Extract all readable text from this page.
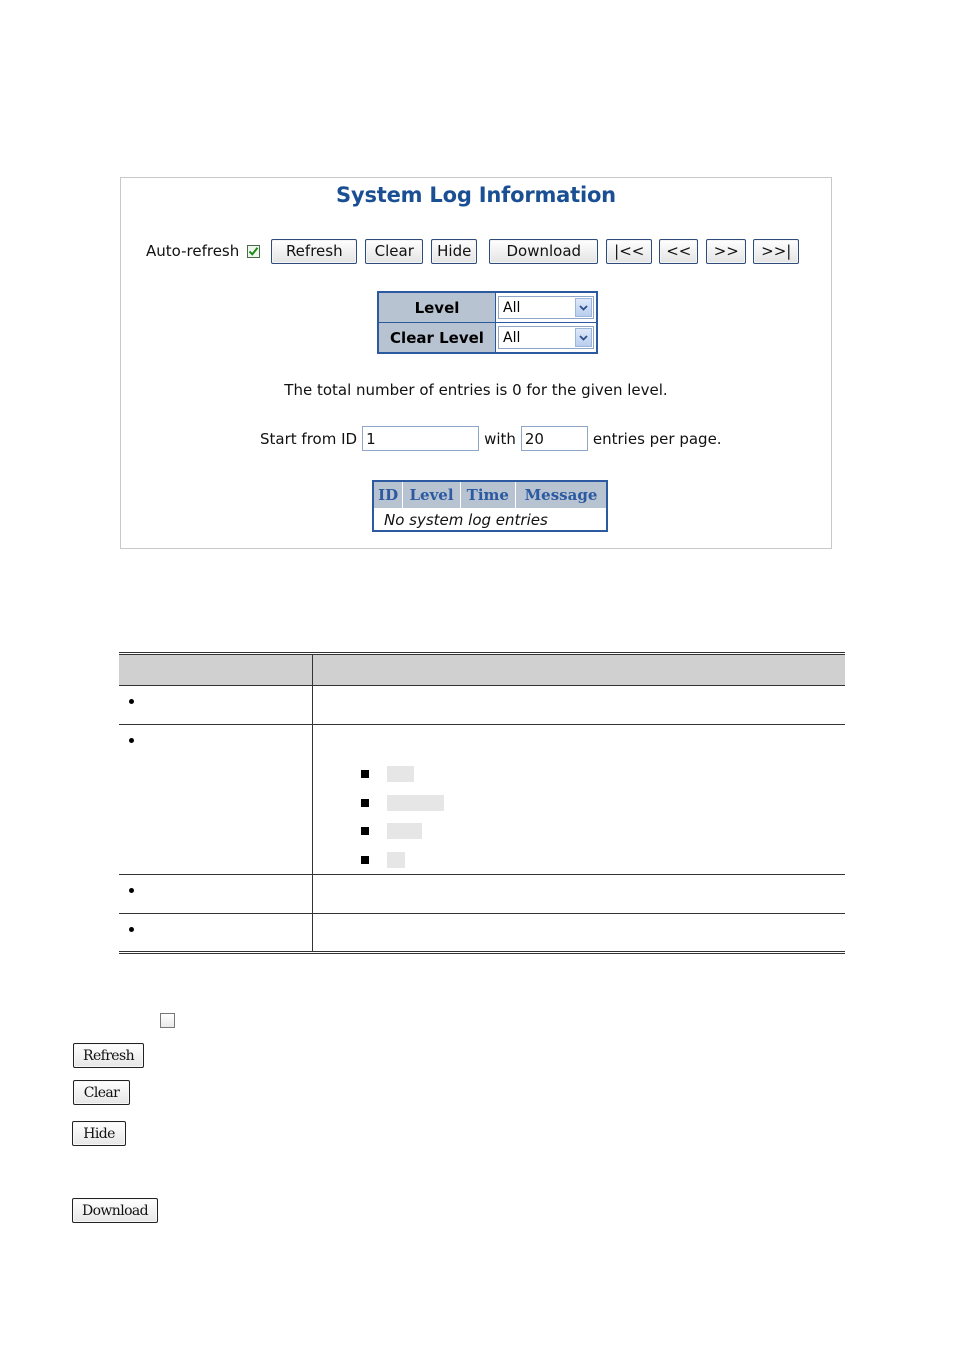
System Log Information
Auto-refresh	Refresh	Clear	Hide	Download	|<<	<<	>>	>>|
Level	All

Clear Level	All
The total number of entries is 0 for the given level.
Start from ID 1	with 20	entries per page.
ID	Level	Time	Message
No system log entries

Refresh
Clear
Hide
Download
